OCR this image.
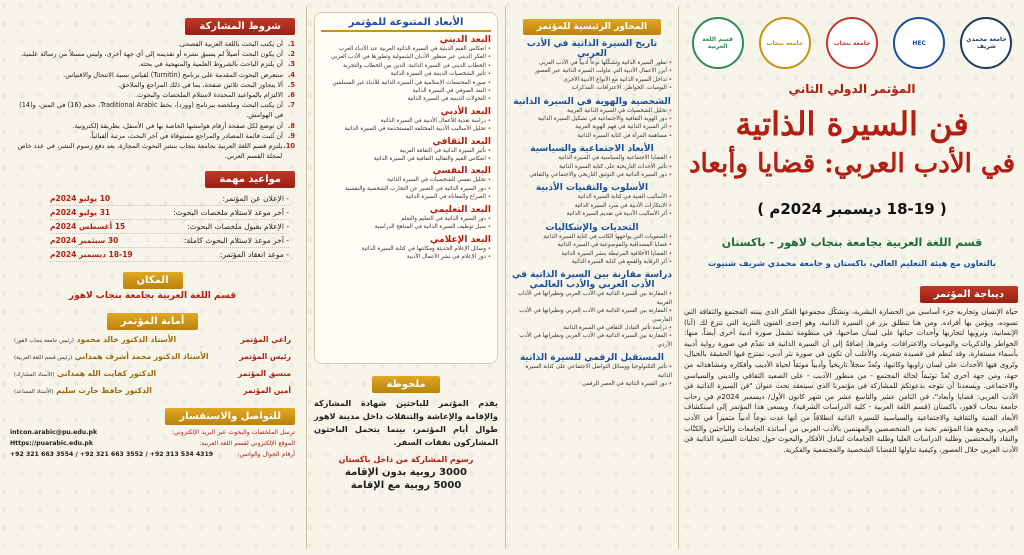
شروط المشاركة
1.
أن يكتب البحث باللغة العربية الفصحى.
2.
أن يكون البحث أصيلاً لم يسبق نشره أو تقديمه إلى أي جهة أخرى، وليس مستلاً من رسالة علمية.
3.
أن يلتزم الباحث بالشروط العلمية والمنهجية في بحثه.
4.
ستعرض البحوث المقدمة على برنامج (Turnitin) لقياس نسبة الانتحال والاقتباس.
5.
ألا يتجاوز البحث ثلاثين صفحة، بما في ذلك المراجع والملاحق.
6.
الالتزام بالمواعيد المحددة لاستلام الملخصات والبحوث.
7.
أن يكتب البحث وملخصه ببرنامج (وورد)، بخط Traditional Arabic، حجم (16) في المتن، و(14) في الهوامش.
8.
أن توضع لكل صفحة أرقام هوامشها الخاصة بها في الأسفل، بطريقة إلكترونية.
9.
أن تُثبت قائمة المصادر والمراجع مستوفاة في آخر البحث، مرتبة ألفبائياً.
10.
يلتزم قسم اللغة العربية بجامعة بنجاب بنشر البحوث المجازة، بعد دفع رسوم النشر، في عدد خاص لمجلة القسم العربي.
مواعيد مهمة
- الإعلان عن المؤتمر:
10 يوليو 2024م
- آخر موعد لاستلام ملخصات البحوث:
31 يوليو 2024م
- الإعلام بقبول ملخصات البحوث:
15 أغسطس 2024م
- آخر موعد لاستلام البحوث كاملة:
30 سبتمبر 2024م
- موعد انعقاد المؤتمر:
18-19 ديسمبر 2024م
المكان
قسم اللغة العربية بجامعة بنجاب لاهور
أمانة المؤتمر
راعي المؤتمر
الأستاذ الدكتور خالد محمود (رئيس جامعة بنجاب لاهور)
رئيس المؤتمر
الأستاذ الدكتور محمد أشرف همداني (رئيس قسم اللغة العربية)
منسق المؤتمر
الدكتور كفايت الله همداني (الأستاذ المشارك)
أمين المؤتمر
الدكتور حافظ حارث سليم (الأستاذ المساعد)
للتواصل والاستفسار
ترسل الملخصات والبحوث عبر البريد الإلكتروني:
intcon.arabic@pu.edu.pk
الموقع الإلكتروني لقسم اللغة العربية:
Https://puarabic.edu.pk
أرقام الجوال والواتس:
+92 321 663 3554 / +92 321 663 3552 / +92 313 534 4319
الأبعاد المتنوعة للمؤتمر
البعد الديني
• انعكاس القيم الدينية في السيرة الذاتية العربية عند الأدباء العرب
• الفكر الديني عبر منظور الأديان الشمولية وتطورها في الأدب العربي
• الخطاب الديني في السيرة الذاتية: الدين بين الخطاب والتجربة
• تأثير الشخصيات الدينية في السيرة الذاتية
• صورة المجتمعات الإسلامية في السيرة الذاتية للأدباء غير المسلمين
• البعد الصوفي في السيرة الذاتية
• التحولات الدينية في السيرة الذاتية
البعد الأدبي
• دراسة نقدية للأعمال الأدبية في السيرة الذاتية
• تحليل الأساليب الأدبية المختلفة المستخدمة في السيرة الذاتية
البعد الثقافي
• تأثير السيرة الذاتية في الثقافة العربية
• انعكاس القيم والتقاليد الثقافية في السيرة الذاتية
البعد النفسي
• تحليل نفسي للشخصيات في السيرة الذاتية
• دور السيرة الذاتية في التعبير عن التجارب الشخصية والنفسية
• الصراع والمعاناة في السيرة الذاتية
البعد التعليمي
• دور السيرة الذاتية في التعليم والتعلم
• سبل توظيف السيرة الذاتية في المناهج الدراسية
البعد الإعلامي
• وسائل الإعلام الحديثة ومكانتها في كتابة السيرة الذاتية
• دور الإعلام في نشر الأعمال الأدبية
ملحوظة
يقدم المؤتمر للباحثين شهادة المشاركة والإقامة والإعاشة والتنقلات داخل مدينة لاهور طوال أيام المؤتمر، بينما يتحمل الباحثون المشاركون نفقات السفر.
رسوم المشاركة من داخل باكستان
3000 روبية بدون الإقامة
5000 روبية مع الإقامة
المحاور الرئيسية للمؤتمر
تاريخ السيرة الذاتية في الأدب العربي
• تطور السيرة الذاتية وتشكّلها نوعاً أدبياً في الأدب العربي
• أبرز الأعمال الأدبية التي تناولت السيرة الذاتية عبر العصور
• تداخل السيرة الذاتية مع الأنواع الأدبية الأخرى
• اليوميات، الخواطر، الاعترافات، المذكرات
الشخصية والهوية في السيرة الذاتية
• تحليل الشخصيات في السيرة الذاتية العربية
• دور الهوية الثقافية والاجتماعية في تشكيل السيرة الذاتية
• أثر السيرة الذاتية في فهم الهوية العربية
• مساهمة المرأة في كتابة السيرة الذاتية
الأبعاد الاجتماعية والسياسية
• القضايا الاجتماعية والسياسية في السيرة الذاتية
• تأثير الأحداث التاريخية على كتابة السيرة الذاتية
• دور السيرة الذاتية في التوثيق التاريخي والاجتماعي والثقافي
الأسلوب والتقنيات الأدبية
• الأساليب الفنية في كتابة السيرة الذاتية
• الابتكارات الأدبية في سرد السيرة الذاتية
• أثر الأساليب الأدبية في تقديم السيرة الذاتية
التحديات والإشكاليات
• الصعوبات التي يواجهها الكاتب في كتابة السيرة الذاتية
• قضايا المصداقية والموضوعية في السيرة الذاتية
• القضايا الأخلاقية المرتبطة بنشر السيرة الذاتية
• أثر الرقابة والقمع في كتابة السيرة الذاتية
دراسة مقارنة بين السيرة الذاتية في الأدب العربي والأدب العالمي
• المقارنة بين السيرة الذاتية في الأدب العربي ونظيراتها في الآداب الغربية
• المقارنة بين السيرة الذاتية في الأدب العربي ونظيراتها في الأدب الفارسي
• دراسة تأثير التبادل الثقافي في السيرة الذاتية
• المقارنة بين السيرة الذاتية في الأدب العربي ونظيراتها في الأدب الأردي
المستقبل الرقمي للسيرة الذاتية
• تأثير التكنولوجيا ووسائل التواصل الاجتماعي على كتابة السيرة الذاتية
• دور السيرة الذاتية في العصر الرقمي
قسم اللغة العربية	جامعة بنجاب	جامعة بنجاب	HEC	جامعة محمدي شريف
المؤتمر الدولي الثاني
فن السيرة الذاتية
في الأدب العربي: قضايا وأبعاد
( 18-19 ديسمبر 2024م )
قسم اللغة العربية بجامعة بنجاب لاهور - باكستان
بالتعاون مع هيئة التعليم العالي، باكستان و جامعة محمدي شريف شنيوت
ديباجة المؤتمر
حياة الإنسان وتجاربه جزء أساسي من الحضارة البشرية، وتشكّل مجموعها الفكر الذي يبنته المجتمع والثقافة التي تسوده، ويؤمن بها أفراده. ومن هنا تنطلق بزر فن السيرة الذاتية، وهو إحدى الفنون النثرية التي تتزع لك (أنا) الإنسانية، وترويها لتجاربها وأحداث حياتها على لسان صاحبها، في منظومة تشمل صورة أدبية أخرى أيضاً، منها: الخواطر والذكريات واليوميات والاعترافات، وغيرها. إضافةً إلى أن السيرة الذاتية قد تقدّم في صورة رواية أدبية بأسماء مستعارة، وقد تُنظم في قصيدة شعرية، والأغلب أن تكون في صورة نثر أدبي، تمتزج فيها الحقيقة بالخيال، وتُروى فيها الأحداث على لسان راويها وكاتبها، وتُعدّ سجلاً تاريخياً وأدبياً موثقاً لحياة الأديب وأفكاره ومشاهداته من جهة، ومن جهة أخرى تُعدّ توثيقاً لحالة المجتمع - من منظور الأديب - على الصعيد الثقافي والديني والسياسي والاجتماعي. ويسعدنا أن نتوجه بدعوتكم للمشاركة في مؤتمرنا الذي سينعقد تحت عنوان "فن السيرة الذاتية في الأدب العربي: قضايا وأبعاد"، في الثامن عشر والتاسع عشر من شهر كانون الأول/ ديسمبر 2024م في رحاب جامعة بنجاب لاهور، باكستان (قسم اللغة العربية - كلية الدراسات الشرقية). ويسعى هذا المؤتمر إلى استكشاف الأبعاد الفنية والثقافية والاجتماعية والسياسية للسيرة الذاتية انطلاقاً من أنها غدت نوعاً أدبياً متميزاً في الأدب العربي. ويجمع هذا المؤتمر نخبة من المتخصصين والمهتمين بالأدب العربي من أساتذة الجامعات والباحثين والكتّاب والنقاد والمختصين وطلبة الدراسات العليا وطلبة الجامعات لتبادل الأفكار والبحوث حول تجليات السيرة الذاتية في الأدب العربي خلال العصور، وكيفية تناولها للقضايا الشخصية والمجتمعية والفكرية.
